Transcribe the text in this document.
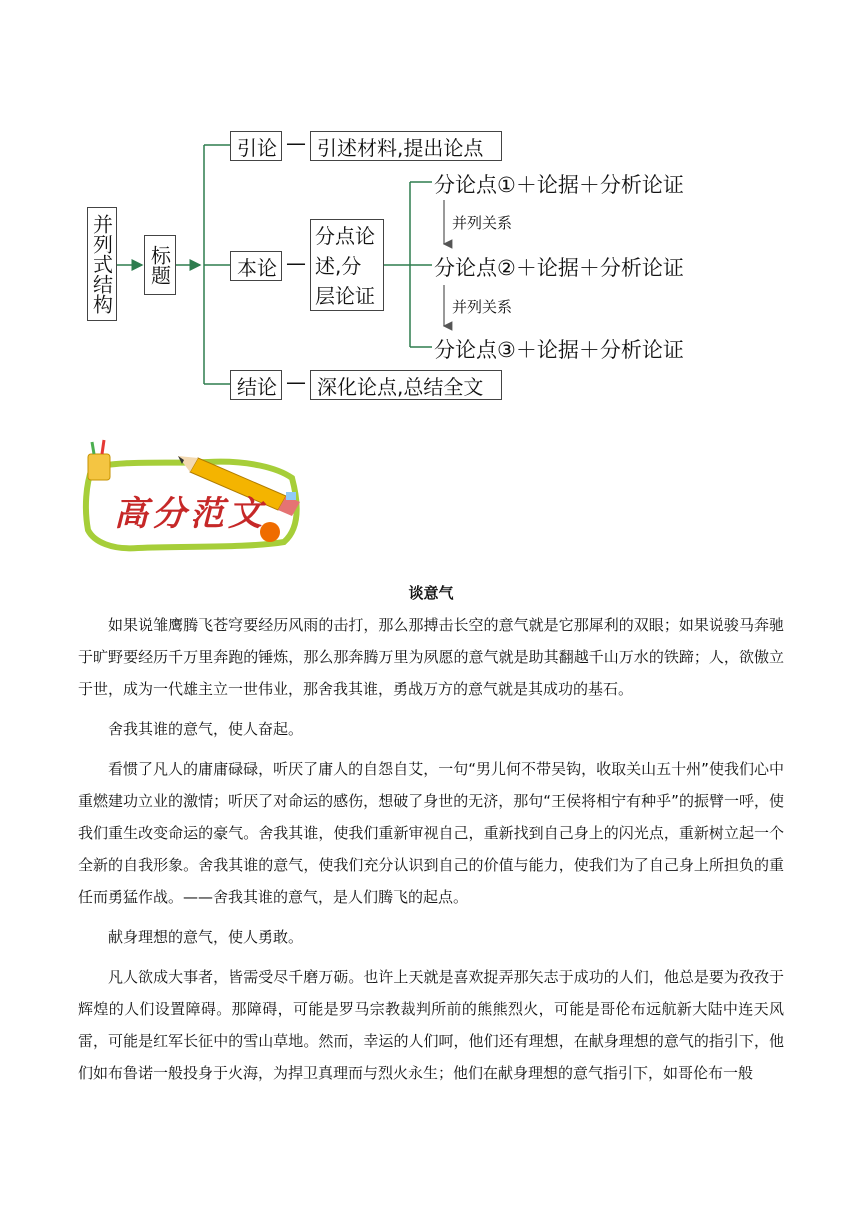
并列式结构 标题
引论 — 引述材料,提出论点
本论 —
分点论述,分层论证
分论点①＋论据＋分析论证
并列关系
分论点②＋论据＋分析论证
并列关系
分论点③＋论据＋分析论证
结论 — 深化论点,总结全文
高分范文
谈意气

如果说雏鹰腾飞苍穹要经历风雨的击打，那么那搏击长空的意气就是它那犀利的双眼；如果说骏马奔驰于旷野要经历千万里奔跑的锤炼，那么那奔腾万里为夙愿的意气就是助其翻越千山万水的铁蹄；人，欲傲立于世，成为一代雄主立一世伟业，那舍我其谁，勇战万方的意气就是其成功的基石。

舍我其谁的意气，使人奋起。

看惯了凡人的庸庸碌碌，听厌了庸人的自怨自艾，一句“男儿何不带吴钩，收取关山五十州”使我们心中重燃建功立业的激情；听厌了对命运的感伤，想破了身世的无济，那句“王侯将相宁有种乎”的振臂一呼，使我们重生改变命运的豪气。舍我其谁，使我们重新审视自己，重新找到自己身上的闪光点，重新树立起一个全新的自我形象。舍我其谁的意气，使我们充分认识到自己的价值与能力，使我们为了自己身上所担负的重任而勇猛作战。——舍我其谁的意气，是人们腾飞的起点。

献身理想的意气，使人勇敢。

凡人欲成大事者，皆需受尽千磨万砺。也许上天就是喜欢捉弄那矢志于成功的人们，他总是要为孜孜于辉煌的人们设置障碍。那障碍，可能是罗马宗教裁判所前的熊熊烈火，可能是哥伦布远航新大陆中连天风雷，可能是红军长征中的雪山草地。然而，幸运的人们呵，他们还有理想，在献身理想的意气的指引下，他们如布鲁诺一般投身于火海，为捍卫真理而与烈火永生；他们在献身理想的意气指引下，如哥伦布一般
